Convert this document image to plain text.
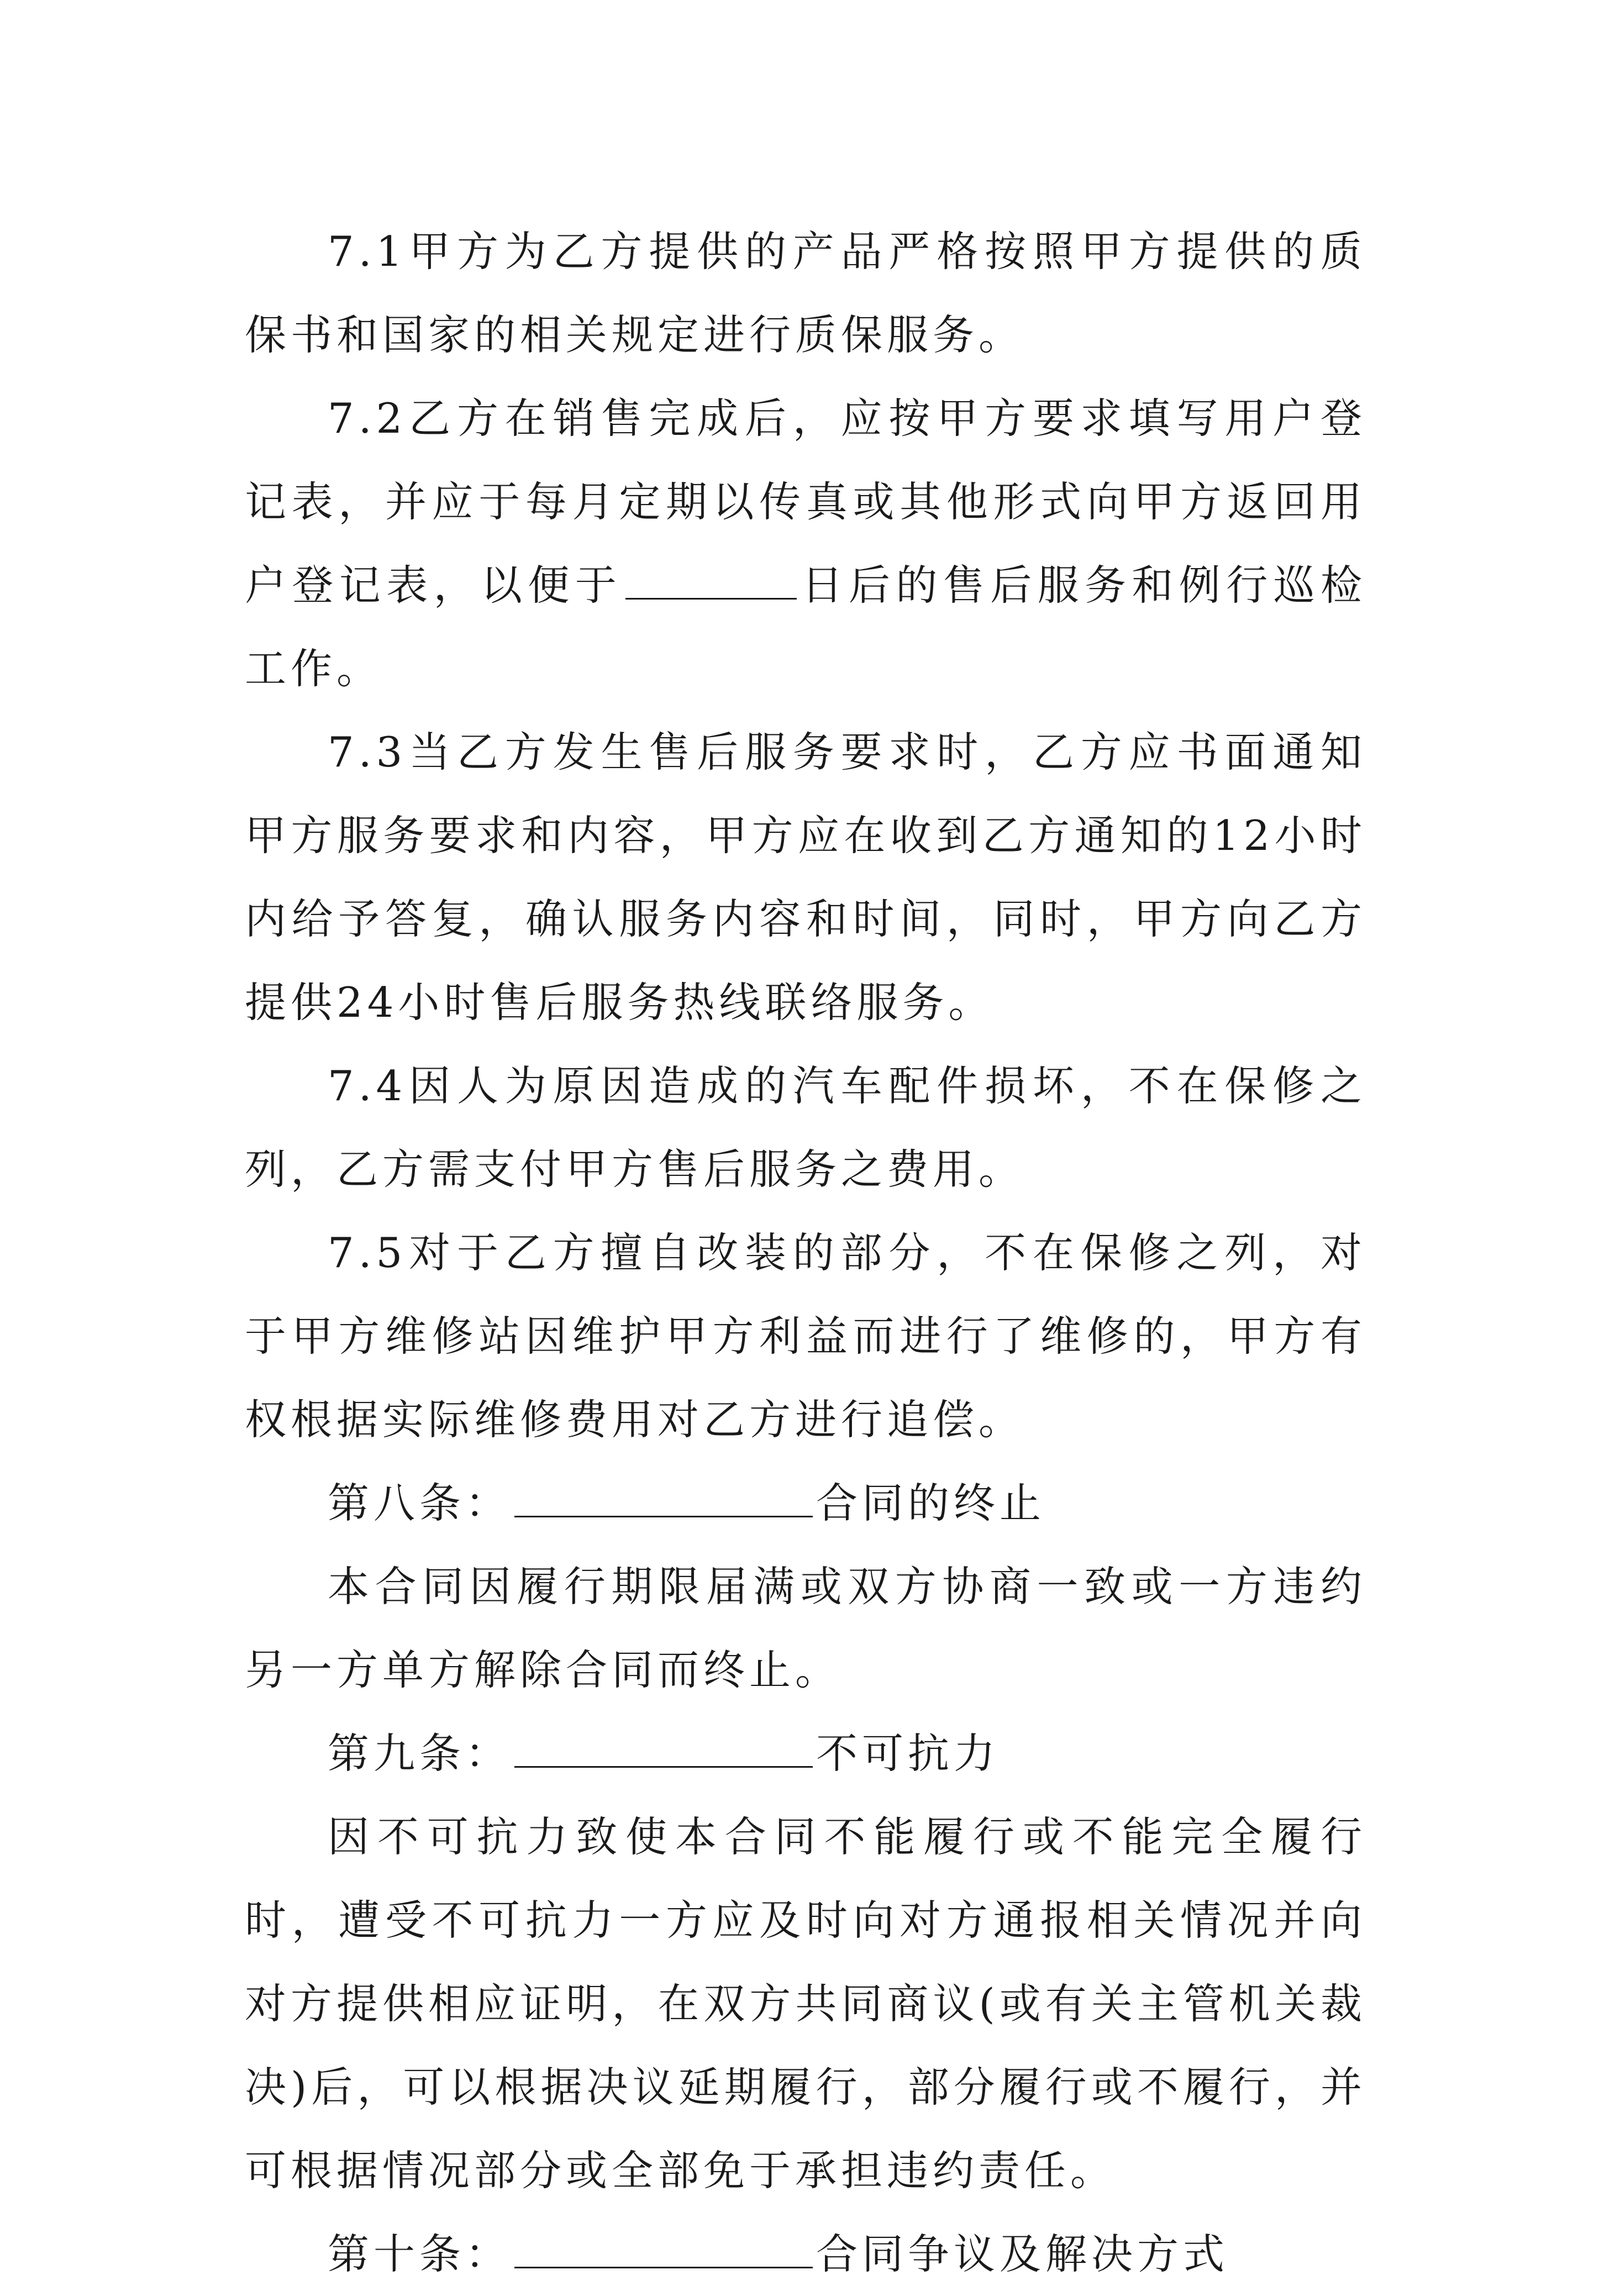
7.1甲方为乙方提供的产品严格按照甲方提供的质保书和国家的相关规定进行质保服务。

7.2乙方在销售完成后，应按甲方要求填写用户登记表，并应于每月定期以传真或其他形式向甲方返回用户登记表，以便于	日后的售后服务和例行巡检工作。

7.3当乙方发生售后服务要求时，乙方应书面通知甲方服务要求和内容，甲方应在收到乙方通知的12小时内给予答复，确认服务内容和时间，同时，甲方向乙方提供24小时售后服务热线联络服务。

7.4因人为原因造成的汽车配件损坏，不在保修之列，乙方需支付甲方售后服务之费用。

7.5对于乙方擅自改装的部分，不在保修之列，对于甲方维修站因维护甲方利益而进行了维修的，甲方有权根据实际维修费用对乙方进行追偿。

第八条：	合同的终止

本合同因履行期限届满或双方协商一致或一方违约另一方单方解除合同而终止。

第九条：	不可抗力

因不可抗力致使本合同不能履行或不能完全履行时，遭受不可抗力一方应及时向对方通报相关情况并向对方提供相应证明，在双方共同商议(或有关主管机关裁决)后，可以根据决议延期履行，部分履行或不履行，并可根据情况部分或全部免于承担违约责任。

第十条：	合同争议及解决方式
